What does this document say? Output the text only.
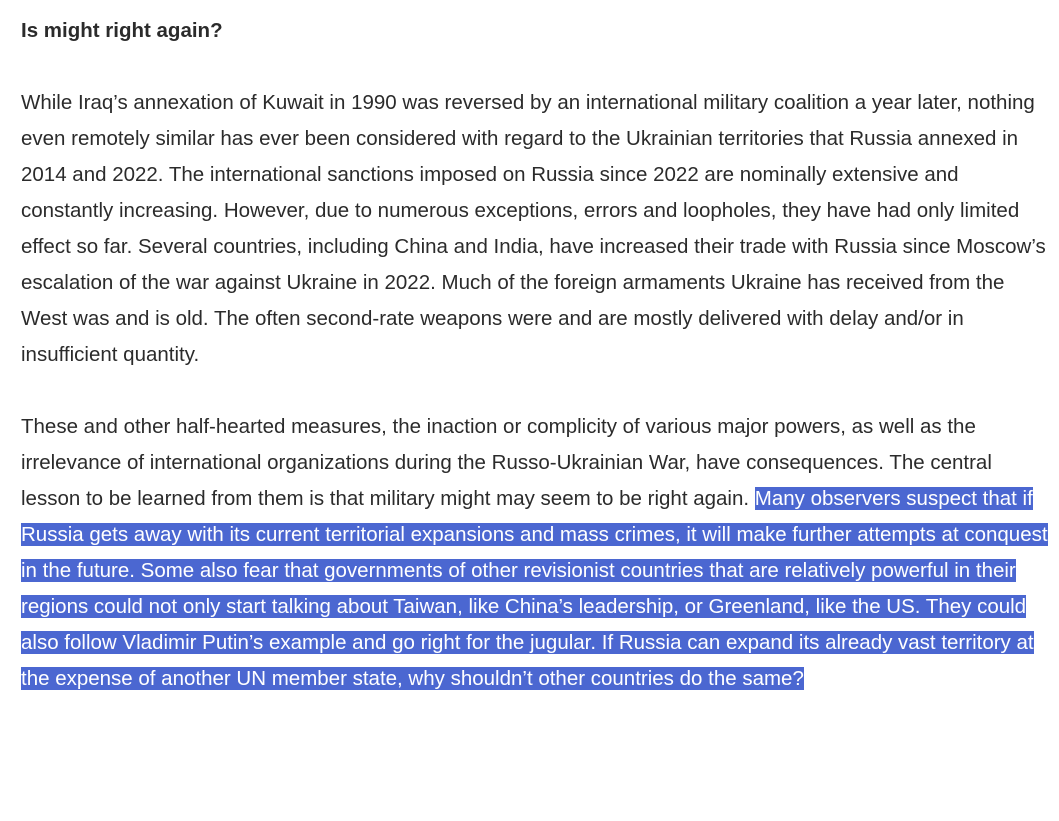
Is might right again?

While Iraq’s annexation of Kuwait in 1990 was reversed by an international military coalition a year later, nothing even remotely similar has ever been considered with regard to the Ukrainian territories that Russia annexed in 2014 and 2022. The international sanctions imposed on Russia since 2022 are nominally extensive and constantly increasing. However, due to numerous exceptions, errors and loopholes, they have had only limited effect so far. Several countries, including China and India, have increased their trade with Russia since Moscow’s escalation of the war against Ukraine in 2022. Much of the foreign armaments Ukraine has received from the West was and is old. The often second-rate weapons were and are mostly delivered with delay and/or in insufficient quantity.

These and other half-hearted measures, the inaction or complicity of various major powers, as well as the irrelevance of international organizations during the Russo-Ukrainian War, have consequences. The central lesson to be learned from them is that military might may seem to be right again. Many observers suspect that if Russia gets away with its current territorial expansions and mass crimes, it will make further attempts at conquest in the future. Some also fear that governments of other revisionist countries that are relatively powerful in their regions could not only start talking about Taiwan, like China’s leadership, or Greenland, like the US. They could also follow Vladimir Putin’s example and go right for the jugular. If Russia can expand its already vast territory at the expense of another UN member state, why shouldn’t other countries do the same?
